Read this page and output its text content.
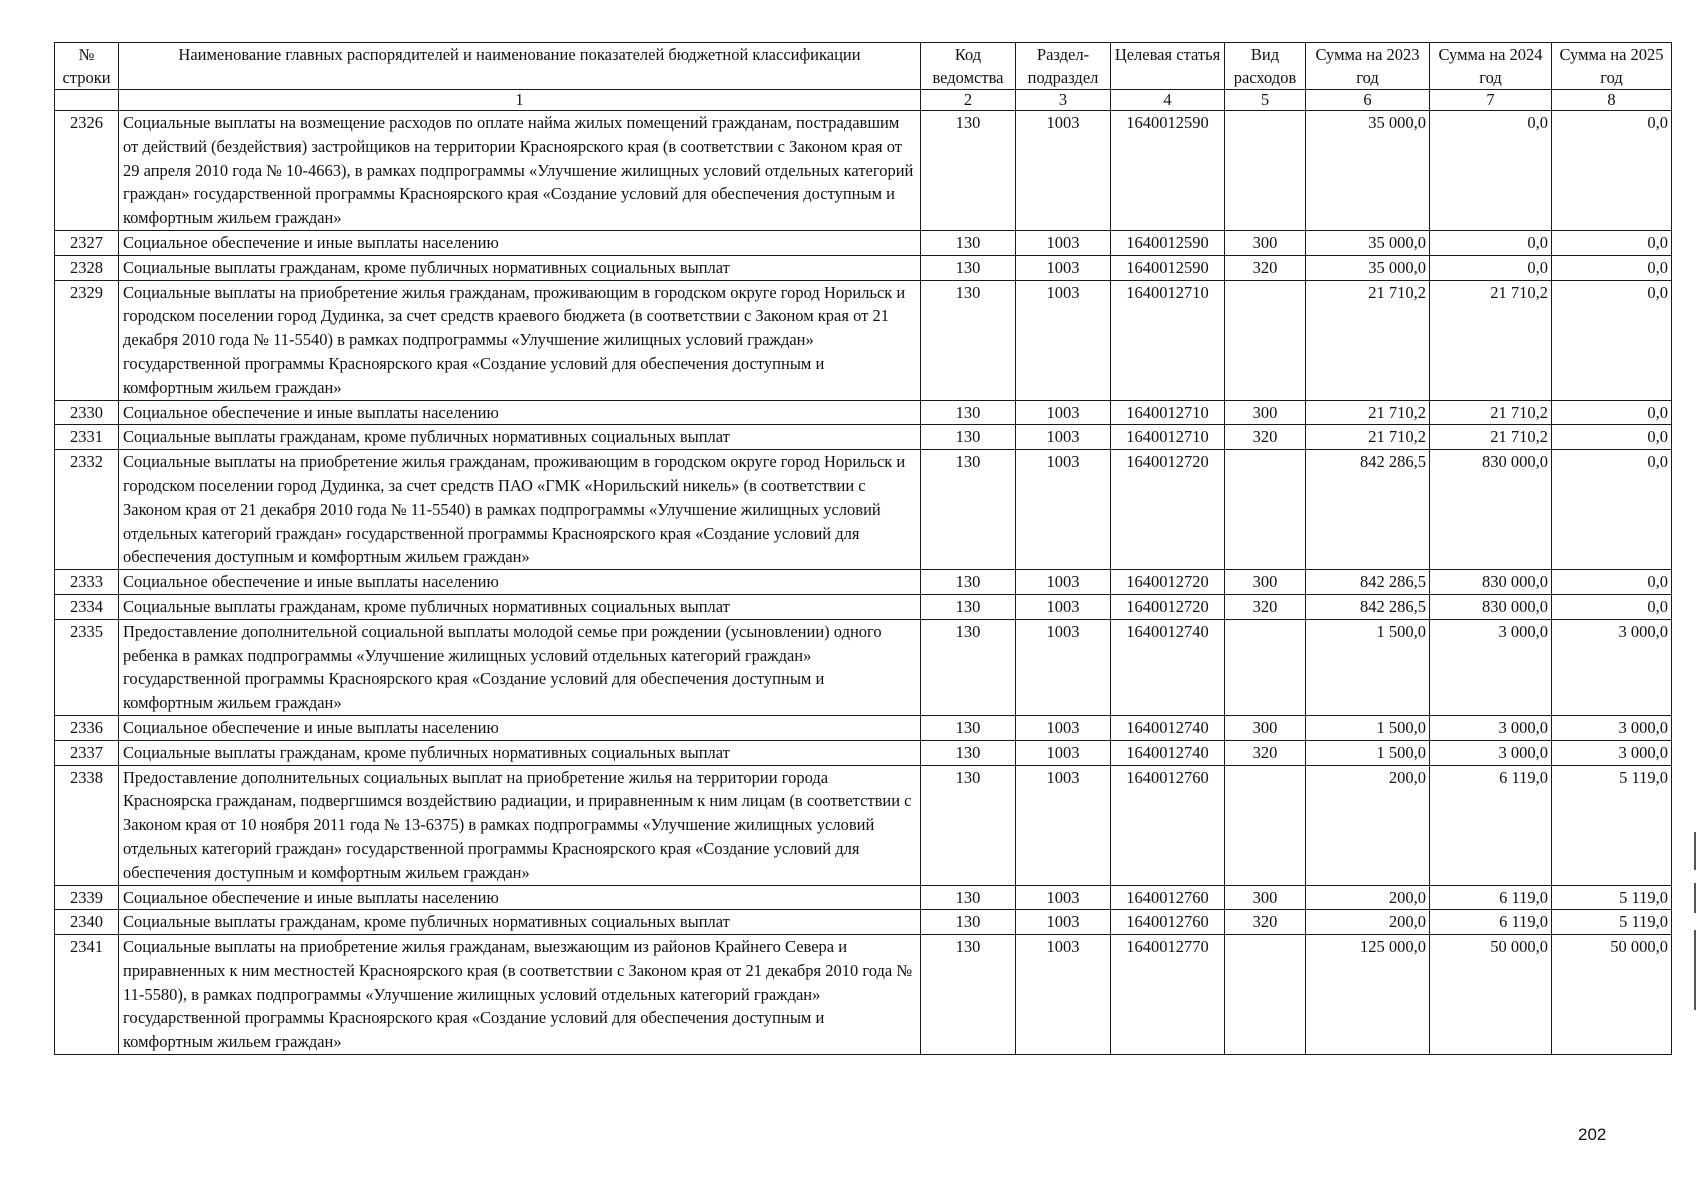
№ строки	Наименование главных распорядителей и наименование показателей бюджетной классификации	Код ведомства	Раздел-подраздел	Целевая статья	Вид расходов	Сумма на 2023 год	Сумма на 2024 год	Сумма на 2025 год
	1	2	3	4	5	6	7	8
2326	Социальные выплаты на возмещение расходов по оплате найма жилых помещений гражданам, пострадавшим от действий (бездействия) застройщиков на территории Красноярского края (в соответствии с Законом края от 29 апреля 2010 года № 10-4663), в рамках подпрограммы «Улучшение жилищных условий отдельных категорий граждан» государственной программы Красноярского края «Создание условий для обеспечения доступным и комфортным жильем граждан»	130	1003	1640012590		35 000,0	0,0	0,0
2327	Социальное обеспечение и иные выплаты населению	130	1003	1640012590	300	35 000,0	0,0	0,0
2328	Социальные выплаты гражданам, кроме публичных нормативных социальных выплат	130	1003	1640012590	320	35 000,0	0,0	0,0
2329	Социальные выплаты на приобретение жилья гражданам, проживающим в городском округе город Норильск и городском поселении город Дудинка, за счет средств краевого бюджета (в соответствии с Законом края от 21 декабря 2010 года № 11-5540) в рамках подпрограммы «Улучшение жилищных условий граждан» государственной программы Красноярского края «Создание условий для обеспечения доступным и комфортным жильем граждан»	130	1003	1640012710		21 710,2	21 710,2	0,0
2330	Социальное обеспечение и иные выплаты населению	130	1003	1640012710	300	21 710,2	21 710,2	0,0
2331	Социальные выплаты гражданам, кроме публичных нормативных социальных выплат	130	1003	1640012710	320	21 710,2	21 710,2	0,0
2332	Социальные выплаты на приобретение жилья гражданам, проживающим в городском округе город Норильск и городском поселении город Дудинка, за счет средств ПАО «ГМК «Норильский никель» (в соответствии с Законом края от 21 декабря 2010 года № 11-5540) в рамках подпрограммы «Улучшение жилищных условий отдельных категорий граждан» государственной программы Красноярского края «Создание условий для обеспечения доступным и комфортным жильем граждан»	130	1003	1640012720		842 286,5	830 000,0	0,0
2333	Социальное обеспечение и иные выплаты населению	130	1003	1640012720	300	842 286,5	830 000,0	0,0
2334	Социальные выплаты гражданам, кроме публичных нормативных социальных выплат	130	1003	1640012720	320	842 286,5	830 000,0	0,0
2335	Предоставление дополнительной социальной выплаты молодой семье при рождении (усыновлении) одного ребенка в рамках подпрограммы «Улучшение жилищных условий отдельных категорий граждан» государственной программы Красноярского края «Создание условий для обеспечения доступным и комфортным жильем граждан»	130	1003	1640012740		1 500,0	3 000,0	3 000,0
2336	Социальное обеспечение и иные выплаты населению	130	1003	1640012740	300	1 500,0	3 000,0	3 000,0
2337	Социальные выплаты гражданам, кроме публичных нормативных социальных выплат	130	1003	1640012740	320	1 500,0	3 000,0	3 000,0
2338	Предоставление дополнительных социальных выплат на приобретение жилья на территории города Красноярска гражданам, подвергшимся воздействию радиации, и приравненным к ним лицам (в соответствии с Законом края от 10 ноября 2011 года № 13-6375) в рамках подпрограммы «Улучшение жилищных условий отдельных категорий граждан» государственной программы Красноярского края «Создание условий для обеспечения доступным и комфортным жильем граждан»	130	1003	1640012760		200,0	6 119,0	5 119,0
2339	Социальное обеспечение и иные выплаты населению	130	1003	1640012760	300	200,0	6 119,0	5 119,0
2340	Социальные выплаты гражданам, кроме публичных нормативных социальных выплат	130	1003	1640012760	320	200,0	6 119,0	5 119,0
2341	Социальные выплаты на приобретение жилья гражданам, выезжающим из районов Крайнего Севера и приравненных к ним местностей Красноярского края (в соответствии с Законом края от 21 декабря 2010 года № 11-5580), в рамках подпрограммы «Улучшение жилищных условий отдельных категорий граждан» государственной программы Красноярского края «Создание условий для обеспечения доступным и комфортным жильем граждан»	130	1003	1640012770		125 000,0	50 000,0	50 000,0
202
